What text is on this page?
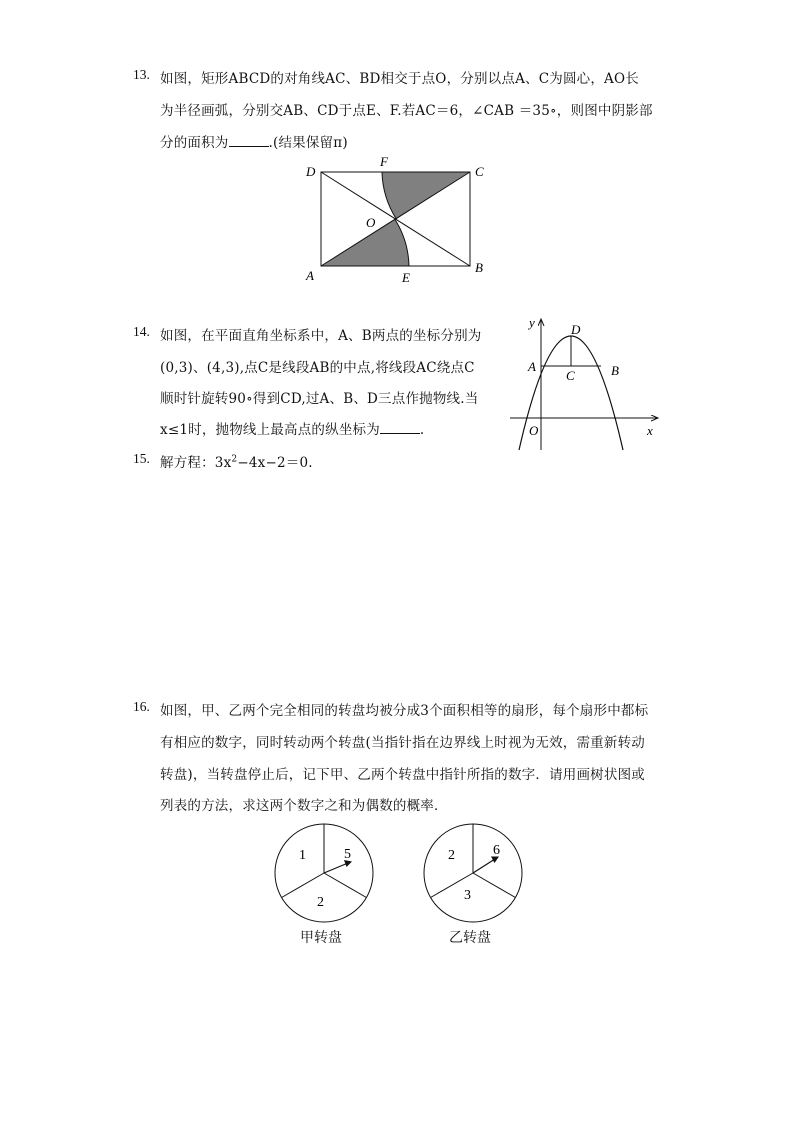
13. 如图，矩形ABCD的对角线AC、BD相交于点O，分别以点A、C为圆心，AO长
为半径画弧，分别交AB、CD于点E、F.若AC＝6，∠CAB ＝35∘，则图中阴影部
分的面积为	.(结果保留π)
A
B
C
D
E
F
O
14. 如图，在平面直角坐标系中，A、B两点的坐标分别为
(0,3)、(4,3),点C是线段AB的中点,将线段AC绕点C
顺时针旋转90∘得到CD,过A、B、D三点作抛物线.当
x≤1时，抛物线上最高点的纵坐标为	.
y
x
O
A	B
C
D
15. 解方程：$3x^2-4x-2=0$.
16. 如图，甲、乙两个完全相同的转盘均被分成3个面积相等的扇形，每个扇形中都标
有相应的数字，同时转动两个转盘(当指针指在边界线上时视为无效，需重新转动
转盘)，当转盘停止后，记下甲、乙两个转盘中指针所指的数字．请用画树状图或
列表的方法，求这两个数字之和为偶数的概率．
1	5
2
甲转盘
2	6
3
乙转盘
